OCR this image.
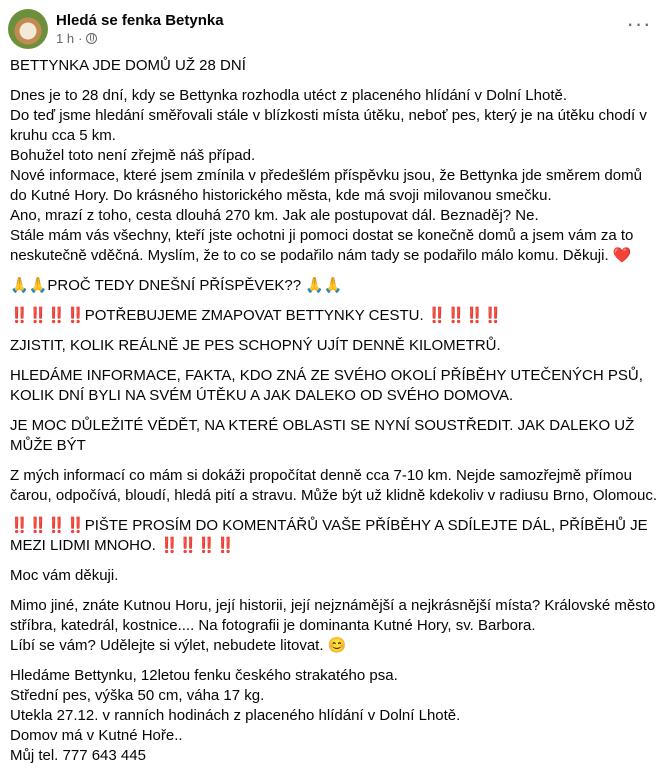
Hledá se fenka Betynka
1 h ·
···
BETTYNKA JDE DOMŮ UŽ 28 DNÍ
Dnes je to 28 dní, kdy se Bettynka rozhodla utéct z placeného hlídání v Dolní Lhotě.
Do teď jsme hledání směřovali stále v blízkosti místa útěku, neboť pes, který je na útěku chodí v kruhu cca 5 km.
Bohužel toto není zřejmě náš případ.
Nové informace, které jsem zmínila v předešlém příspěvku jsou, že Bettynka jde směrem domů do Kutné Hory. Do krásného historického města, kde má svoji milovanou smečku.
Ano, mrazí z toho, cesta dlouhá 270 km. Jak ale postupovat dál. Beznaděj? Ne.
Stále mám vás všechny, kteří jste ochotni ji pomoci dostat se konečně domů a jsem vám za to neskutečně vděčná. Myslím, že to co se podařilo nám tady se podařilo málo komu. Děkuji. ❤️
🙏🙏PROČ TEDY DNEŠNÍ PŘÍSPĚVEK?? 🙏🙏
‼️‼️‼️‼️POTŘEBUJEME ZMAPOVAT BETTYNKY CESTU. ‼️‼️‼️‼️
ZJISTIT, KOLIK REÁLNĚ JE PES SCHOPNÝ UJÍT DENNĚ KILOMETRŮ.
HLEDÁME INFORMACE, FAKTA, KDO ZNÁ ZE SVÉHO OKOLÍ PŘÍBĚHY UTEČENÝCH PSŮ, KOLIK DNÍ BYLI NA SVÉM ÚTĚKU A JAK DALEKO OD SVÉHO DOMOVA.
JE MOC DŮLEŽITÉ VĚDĚT, NA KTERÉ OBLASTI SE NYNÍ SOUSTŘEDIT. JAK DALEKO UŽ MŮŽE BÝT
Z mých informací co mám si dokáži propočítat denně cca 7-10 km. Nejde samozřejmě přímou čarou, odpočívá, bloudí, hledá pití a stravu. Může být už klidně kdekoliv v radiusu Brno, Olomouc.
‼️‼️‼️‼️PIŠTE PROSÍM DO KOMENTÁŘŮ VAŠE PŘÍBĚHY A SDÍLEJTE DÁL, PŘÍBĚHŮ JE MEZI LIDMI MNOHO. ‼️‼️‼️‼️
Moc vám děkuji.
Mimo jiné, znáte Kutnou Horu, její historii, její nejznámější a nejkrásnější místa? Královské město stříbra, katedrál, kostnice.... Na fotografii je dominanta Kutné Hory, sv. Barbora.
Líbí se vám? Udělejte si výlet, nebudete litovat. 😊
Hledáme Bettynku, 12letou fenku českého strakatého psa.
Střední pes, výška 50 cm, váha 17 kg.
Utekla 27.12. v ranních hodinách z placeného hlídání v Dolní Lhotě.
Domov má v Kutné Hoře..
Můj tel. 777 643 445
